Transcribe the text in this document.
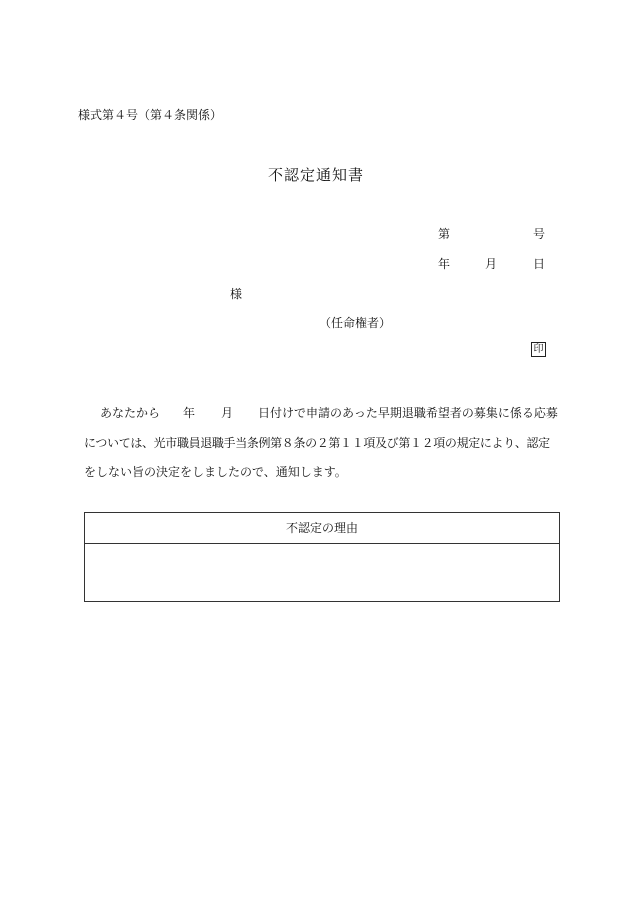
様式第４号（第４条関係）
不認定通知書
第	号
年	月	日
様
（任命権者）
印
あなたから 年 月 日付けで申請のあった早期退職希望者の募集に係る応募
については、光市職員退職手当条例第８条の２第１１項及び第１２項の規定により、認定
をしない旨の決定をしましたので、通知します。
不認定の理由
